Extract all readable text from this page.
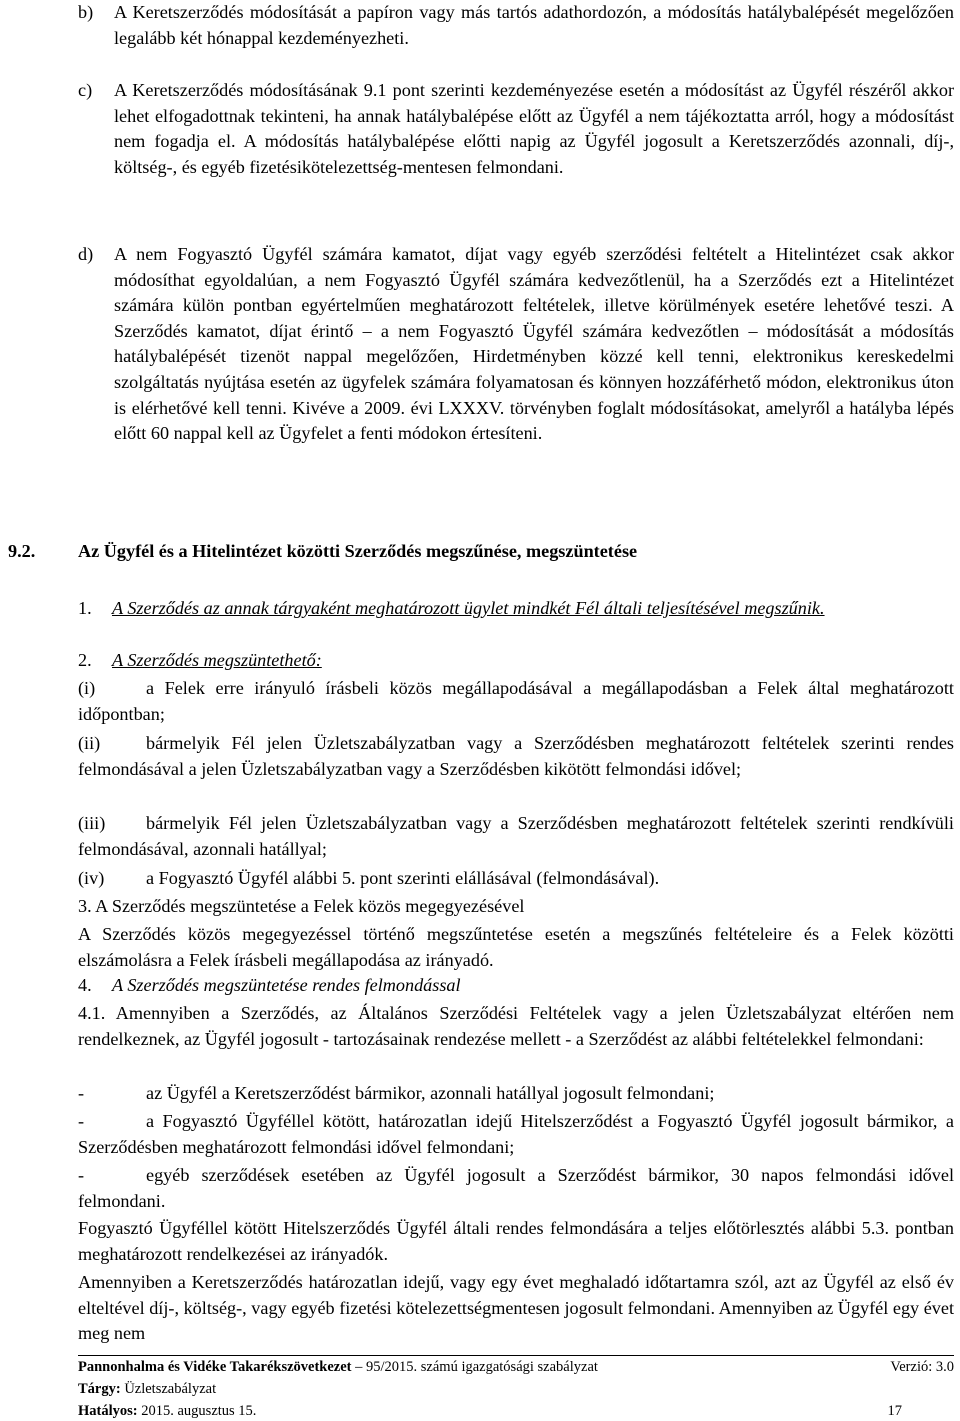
b)	A Keretszerződés módosítását a papíron vagy más tartós adathordozón, a módosítás hatálybalépését megelőzően legalább két hónappal kezdeményezheti.
c)	A Keretszerződés módosításának 9.1 pont szerinti kezdeményezése esetén a módosítást az Ügyfél részéről akkor lehet elfogadottnak tekinteni, ha annak hatálybalépése előtt az Ügyfél a nem tájékoztatta arról, hogy a módosítást nem fogadja el. A módosítás hatálybalépése előtti napig az Ügyfél jogosult a Keretszerződés azonnali, díj-, költség-, és egyéb fizetésikötelezettség-mentesen felmondani.
d)	A nem Fogyasztó Ügyfél számára kamatot, díjat vagy egyéb szerződési feltételt a Hitelintézet csak akkor módosíthat egyoldalúan, a nem Fogyasztó Ügyfél számára kedvezőtlenül, ha a Szerződés ezt a Hitelintézet számára külön pontban egyértelműen meghatározott feltételek, illetve körülmények esetére lehetővé teszi. A Szerződés kamatot, díjat érintő – a nem Fogyasztó Ügyfél számára kedvezőtlen – módosítását a módosítás hatálybalépését tizenöt nappal megelőzően, Hirdetményben közzé kell tenni, elektronikus kereskedelmi szolgáltatás nyújtása esetén az ügyfelek számára folyamatosan és könnyen hozzáférhető módon, elektronikus úton is elérhetővé kell tenni. Kivéve a 2009. évi LXXXV. törvényben foglalt módosításokat, amelyről a hatályba lépés előtt 60 nappal kell az Ügyfelet a fenti módokon értesíteni.
9.2. Az Ügyfél és a Hitelintézet közötti Szerződés megszűnése, megszüntetése
1.	A Szerződés az annak tárgyaként meghatározott ügylet mindkét Fél általi teljesítésével megszűnik.
2. A Szerződés megszüntethető:
(i)	a Felek erre irányuló írásbeli közös megállapodásával a megállapodásban a Felek által meghatározott időpontban;
(ii)	bármelyik Fél jelen Üzletszabályzatban vagy a Szerződésben meghatározott feltételek szerinti rendes felmondásával a jelen Üzletszabályzatban vagy a Szerződésben kikötött felmondási idővel;
(iii)	bármelyik Fél jelen Üzletszabályzatban vagy a Szerződésben meghatározott feltételek szerinti rendkívüli felmondásával, azonnali hatállyal;
(iv) a Fogyasztó Ügyfél alábbi 5. pont szerinti elállásával (felmondásával).
3. A Szerződés megszüntetése a Felek közös megegyezésével
A Szerződés közös megegyezéssel történő megszűntetése esetén a megszűnés feltételeire és a Felek közötti elszámolásra a Felek írásbeli megállapodása az irányadó.
4. A Szerződés megszüntetése rendes felmondással
4.1. Amennyiben a Szerződés, az Általános Szerződési Feltételek vagy a jelen Üzletszabályzat eltérően nem rendelkeznek, az Ügyfél jogosult - tartozásainak rendezése mellett - a Szerződést az alábbi feltételekkel felmondani:
-	az Ügyfél a Keretszerződést bármikor, azonnali hatállyal jogosult felmondani;
-	a Fogyasztó Ügyféllel kötött, határozatlan idejű Hitelszerződést a Fogyasztó Ügyfél jogosult bármikor, a Szerződésben meghatározott felmondási idővel felmondani;
-	egyéb szerződések esetében az Ügyfél jogosult a Szerződést bármikor, 30 napos felmondási idővel felmondani.
Fogyasztó Ügyféllel kötött Hitelszerződés Ügyfél általi rendes felmondására a teljes előtörlesztés alábbi 5.3. pontban meghatározott rendelkezései az irányadók.
Amennyiben a Keretszerződés határozatlan idejű, vagy egy évet meghaladó időtartamra szól, azt az Ügyfél az első év elteltével díj-, költség-, vagy egyéb fizetési kötelezettségmentesen jogosult felmondani. Amennyiben az Ügyfél egy évet meg nem
Pannonhalma és Vidéke Takarékszövetkezet – 95/2015. számú igazgatósági szabályzat	Verzió: 3.0
Tárgy: Üzletszabályzat
Hatályos: 2015. augusztus 15.	17
